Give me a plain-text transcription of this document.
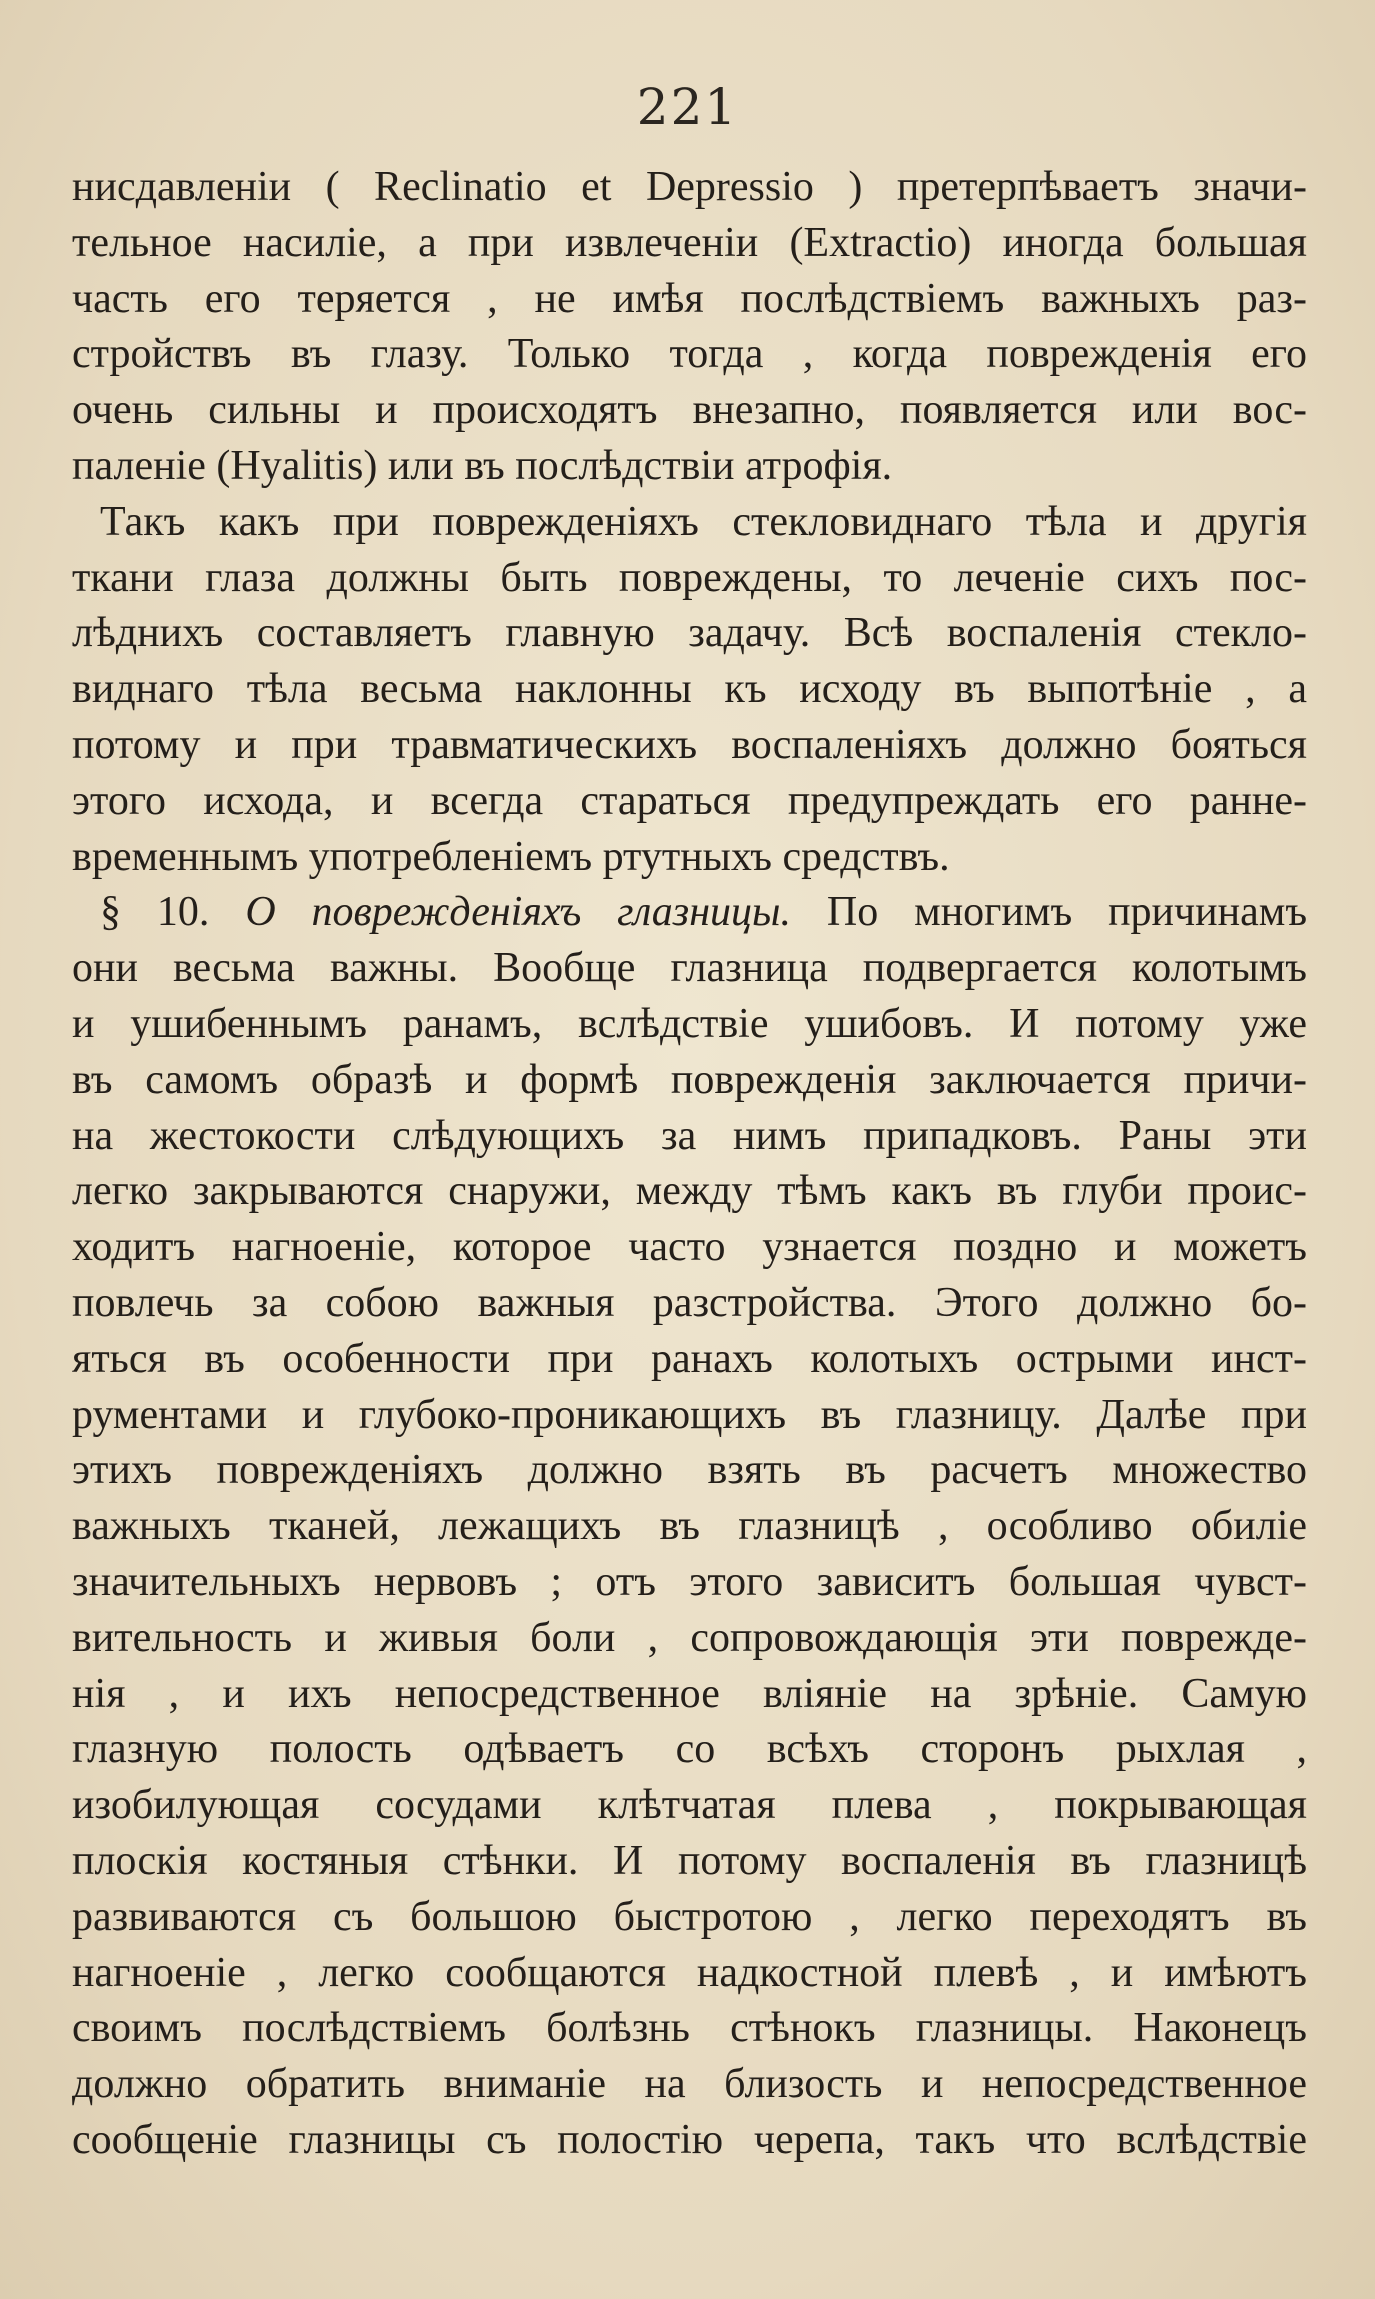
221
нисдавленіи ( Reclinatio et Depressio ) претерпѣваетъ значи-
тельное насиліе, а при извлеченіи (Extractio) иногда большая
часть его теряется , не имѣя послѣдствіемъ важныхъ раз-
стройствъ въ глазу. Только тогда , когда поврежденія его
очень сильны и происходятъ внезапно, появляется или вос-
паленіе (Hyalitis) или въ послѣдствіи атрофія.
Такъ какъ при поврежденіяхъ стекловиднаго тѣла и другія
ткани глаза должны быть повреждены, то леченіе сихъ пос-
лѣднихъ составляетъ главную задачу. Всѣ воспаленія стекло-
виднаго тѣла весьма наклонны къ исходу въ выпотѣніе , а
потому и при травматическихъ воспаленіяхъ должно бояться
этого исхода, и всегда стараться предупреждать его ранне-
временнымъ употребленіемъ ртутныхъ средствъ.
§ 10. О поврежденіяхъ глазницы. По многимъ причинамъ
они весьма важны. Вообще глазница подвергается колотымъ
и ушибеннымъ ранамъ, вслѣдствіе ушибовъ. И потому уже
въ самомъ образѣ и формѣ поврежденія заключается причи-
на жестокости слѣдующихъ за нимъ припадковъ. Раны эти
легко закрываются снаружи, между тѣмъ какъ въ глуби проис-
ходитъ нагноеніе, которое часто узнается поздно и можетъ
повлечь за собою важныя разстройства. Этого должно бо-
яться въ особенности при ранахъ колотыхъ острыми инст-
рументами и глубоко-проникающихъ въ глазницу. Далѣе при
этихъ поврежденіяхъ должно взять въ расчетъ множество
важныхъ тканей, лежащихъ въ глазницѣ , особливо обиліе
значительныхъ нервовъ ; отъ этого зависитъ большая чувст-
вительность и живыя боли , сопровождающія эти поврежде-
нія , и ихъ непосредственное вліяніе на зрѣніе. Самую
глазную полость одѣваетъ со всѣхъ сторонъ рыхлая ,
изобилующая сосудами клѣтчатая плева , покрывающая
плоскія костяныя стѣнки. И потому воспаленія въ глазницѣ
развиваются съ большою быстротою , легко переходятъ въ
нагноеніе , легко сообщаются надкостной плевѣ , и имѣютъ
своимъ послѣдствіемъ болѣзнь стѣнокъ глазницы. Наконецъ
должно обратить вниманіе на близость и непосредственное
сообщеніе глазницы съ полостію черепа, такъ что вслѣдствіе
